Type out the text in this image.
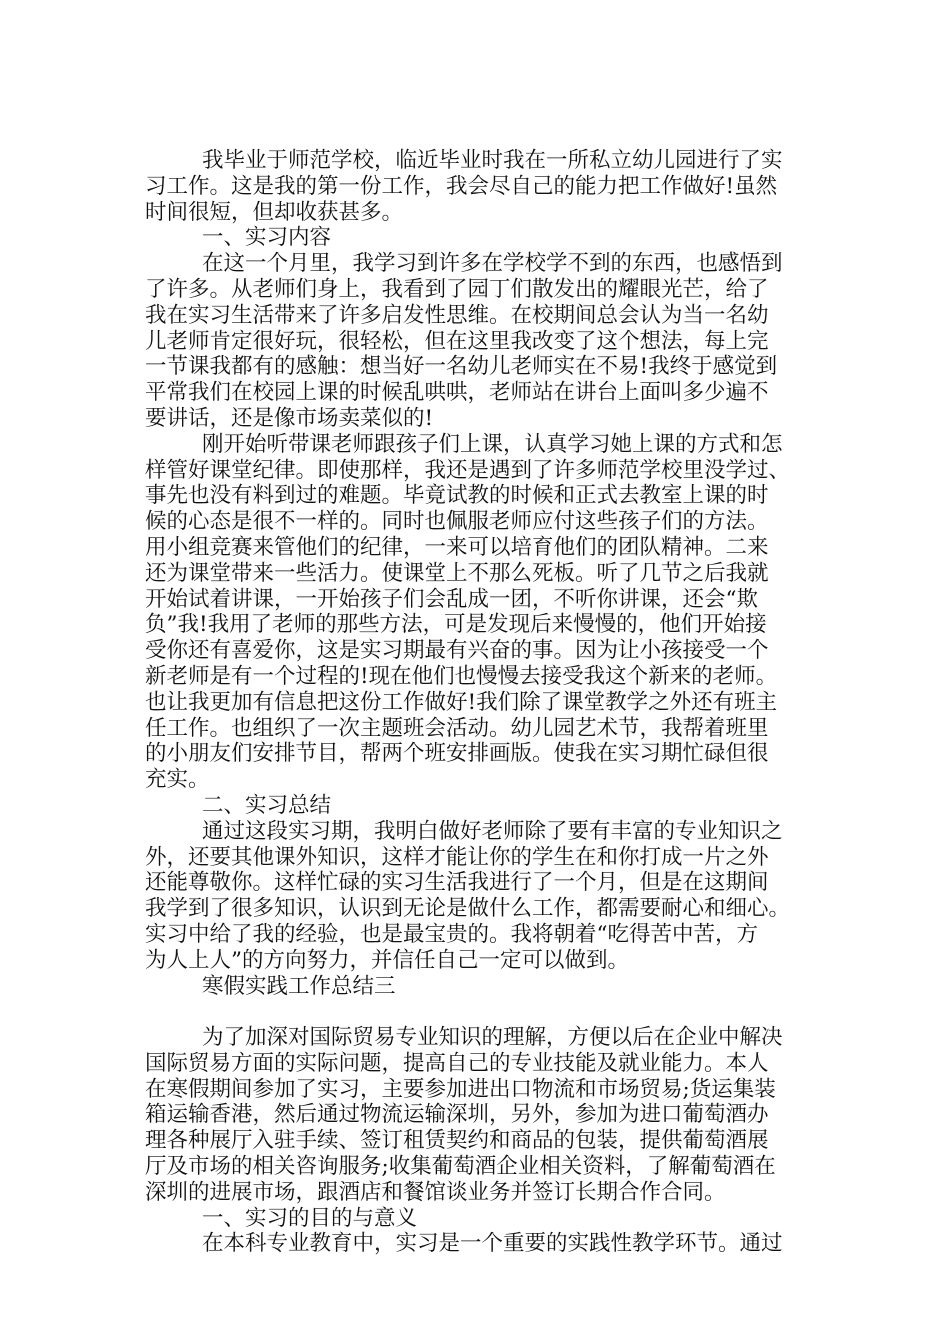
我毕业于师范学校，临近毕业时我在一所私立幼儿园进行了实
习工作。这是我的第一份工作，我会尽自己的能力把工作做好!虽然
时间很短，但却收获甚多。
一、实习内容
在这一个月里，我学习到许多在学校学不到的东西，也感悟到
了许多。从老师们身上，我看到了园丁们散发出的耀眼光芒，给了
我在实习生活带来了许多启发性思维。在校期间总会认为当一名幼
儿老师肯定很好玩，很轻松，但在这里我改变了这个想法，每上完
一节课我都有的感触：想当好一名幼儿老师实在不易!我终于感觉到
平常我们在校园上课的时候乱哄哄，老师站在讲台上面叫多少遍不
要讲话，还是像市场卖菜似的!
刚开始听带课老师跟孩子们上课，认真学习她上课的方式和怎
样管好课堂纪律。即使那样，我还是遇到了许多师范学校里没学过、
事先也没有料到过的难题。毕竟试教的时候和正式去教室上课的时
候的心态是很不一样的。同时也佩服老师应付这些孩子们的方法。
用小组竞赛来管他们的纪律，一来可以培育他们的团队精神。二来
还为课堂带来一些活力。使课堂上不那么死板。听了几节之后我就
开始试着讲课，一开始孩子们会乱成一团，不听你讲课，还会“欺
负”我!我用了老师的那些方法，可是发现后来慢慢的，他们开始接
受你还有喜爱你，这是实习期最有兴奋的事。因为让小孩接受一个
新老师是有一个过程的!现在他们也慢慢去接受我这个新来的老师。
也让我更加有信息把这份工作做好!我们除了课堂教学之外还有班主
任工作。也组织了一次主题班会活动。幼儿园艺术节，我帮着班里
的小朋友们安排节目，帮两个班安排画版。使我在实习期忙碌但很
充实。
二、实习总结
通过这段实习期，我明白做好老师除了要有丰富的专业知识之
外，还要其他课外知识，这样才能让你的学生在和你打成一片之外
还能尊敬你。这样忙碌的实习生活我进行了一个月，但是在这期间
我学到了很多知识，认识到无论是做什么工作，都需要耐心和细心。
实习中给了我的经验，也是最宝贵的。我将朝着“吃得苦中苦，方
为人上人”的方向努力，并信任自己一定可以做到。
寒假实践工作总结三
为了加深对国际贸易专业知识的理解，方便以后在企业中解决
国际贸易方面的实际问题，提高自己的专业技能及就业能力。本人
在寒假期间参加了实习，主要参加进出口物流和市场贸易;货运集装
箱运输香港，然后通过物流运输深圳，另外，参加为进口葡萄酒办
理各种展厅入驻手续、签订租赁契约和商品的包装，提供葡萄酒展
厅及市场的相关咨询服务;收集葡萄酒企业相关资料，了解葡萄酒在
深圳的进展市场，跟酒店和餐馆谈业务并签订长期合作合同。
一、实习的目的与意义
在本科专业教育中，实习是一个重要的实践性教学环节。通过
